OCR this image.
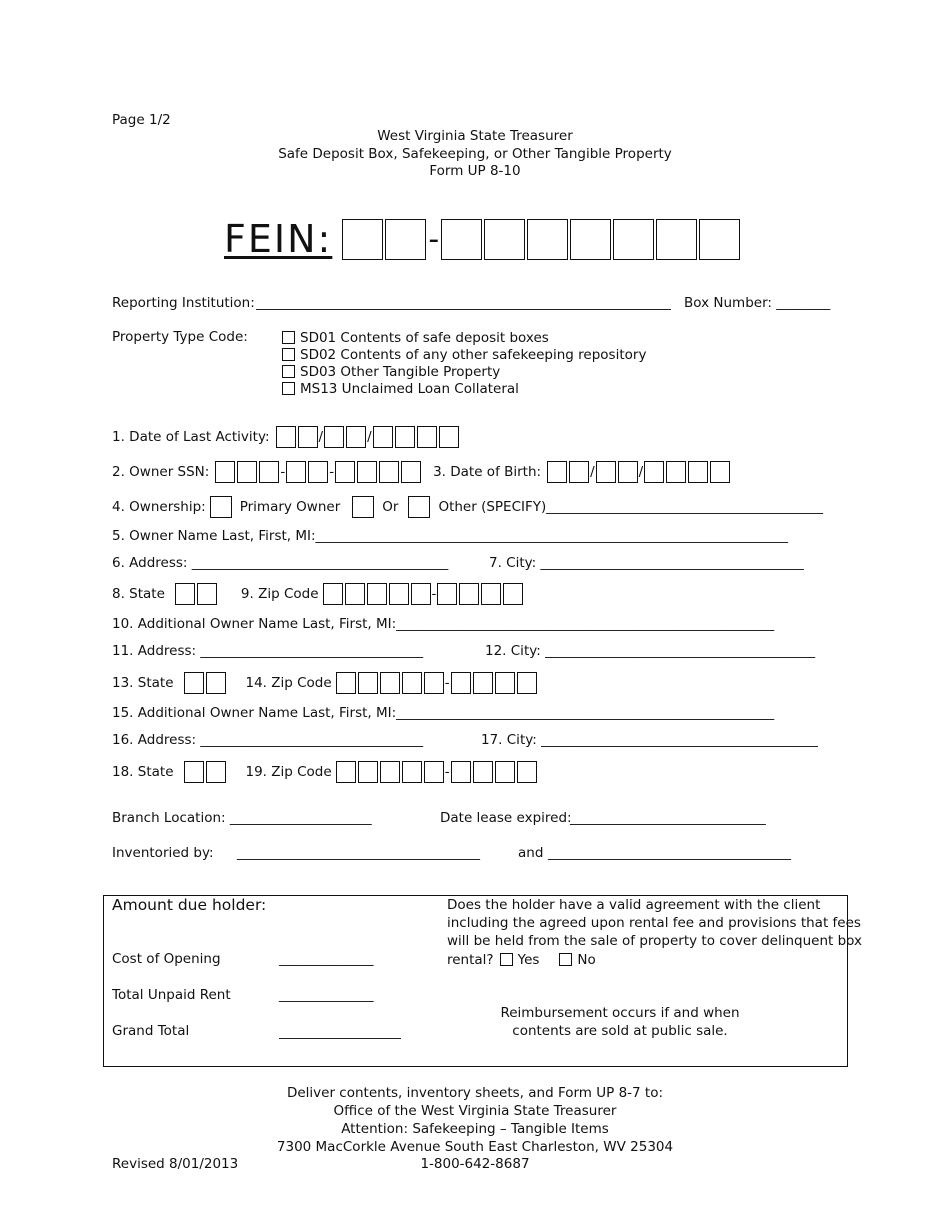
Page 1/2
West Virginia State Treasurer
Safe Deposit Box, Safekeeping, or Other Tangible Property
Form UP 8-10
FEIN:	-
Reporting Institution:	Box Number: ________
Property Type Code:	SD01 Contents of safe deposit boxes
SD02 Contents of any other safekeeping repository
SD03 Other Tangible Property
MS13 Unclaimed Loan Collateral
1. Date of Last Activity:	/	/
2. Owner SSN:	-	-	3. Date of Birth:	/	/
4. Ownership:	Primary Owner	Or	Other (SPECIFY)_________________________________________
5. Owner Name Last, First, MI:______________________________________________________________________
6. Address: ______________________________________	7. City: _______________________________________
8. State	9. Zip Code	-
10. Additional Owner Name Last, First, MI:________________________________________________________
11. Address: _________________________________	12. City: ________________________________________
13. State	14. Zip Code	-
15. Additional Owner Name Last, First, MI:________________________________________________________
16. Address: _________________________________	17. City: _________________________________________
18. State	19. Zip Code	-
Branch Location: _____________________	Date lease expired:
_____________________________
Inventoried by: ____________________________________	and ____________________________________
Amount due holder:
Cost of Opening	______________
Total Unpaid Rent	______________
Grand Total
Does the holder have a valid agreement with the client
including the agreed upon rental fee and provisions that fees
will be held from the sale of property to cover delinquent box
rental? Yes	No
Reimbursement occurs if and when
contents are sold at public sale.
Deliver contents, inventory sheets, and Form UP 8-7 to:
Office of the West Virginia State Treasurer
Attention: Safekeeping – Tangible Items
7300 MacCorkle Avenue South East Charleston, WV 25304
1-800-642-8687
Revised 8/01/2013
